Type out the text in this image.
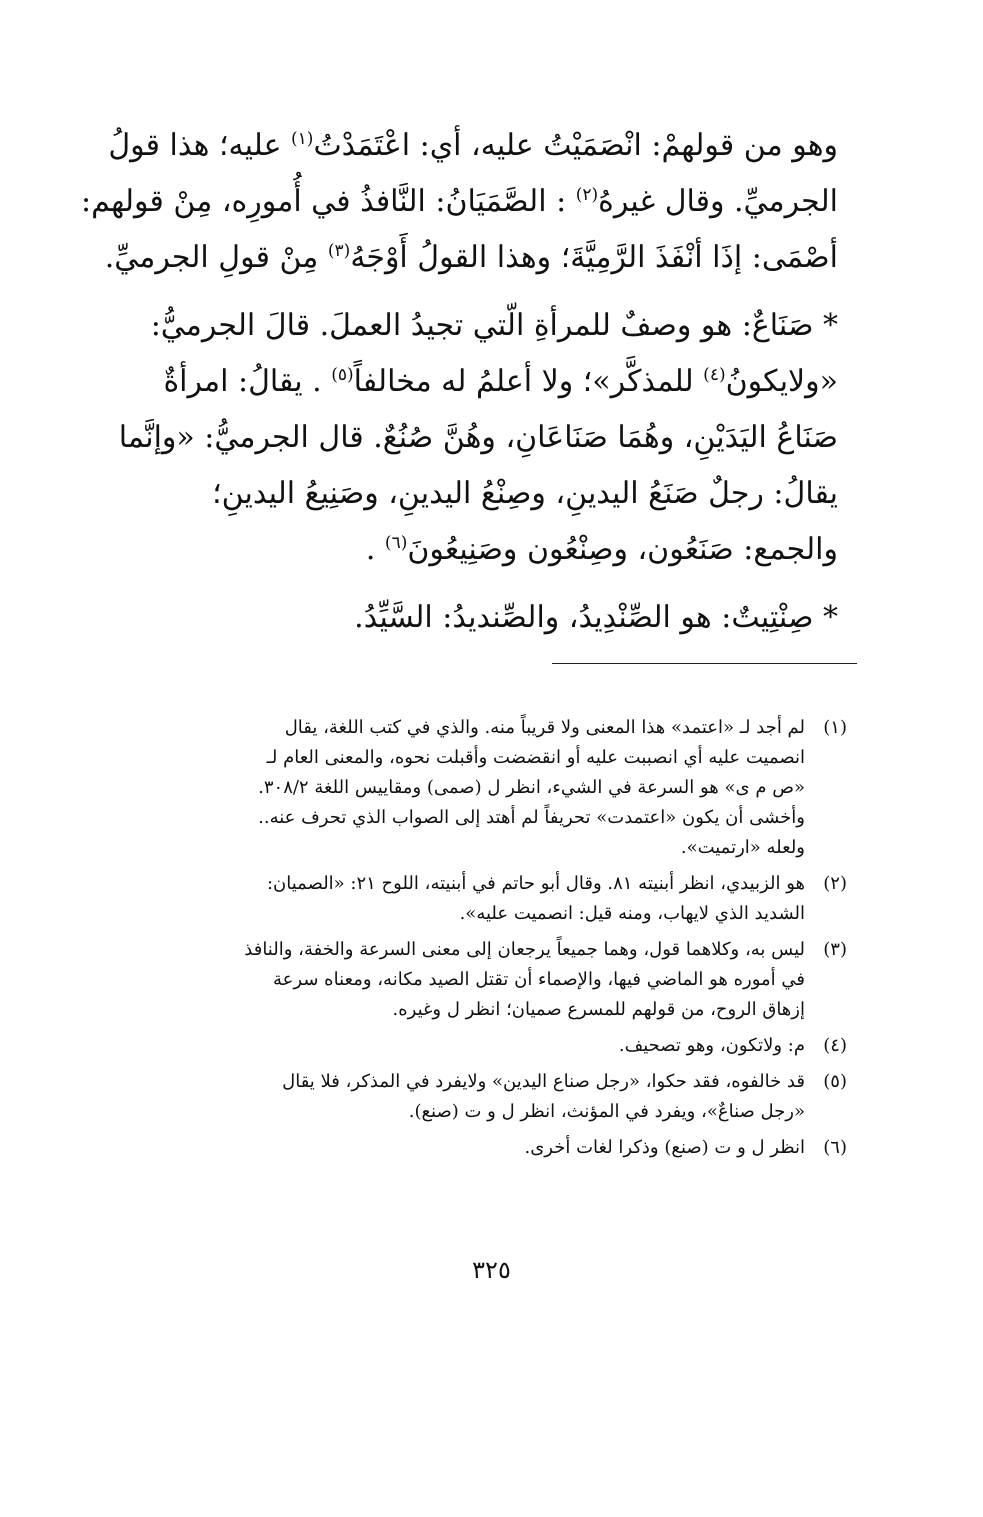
وهو من قولهمْ: انْصَمَيْتُ عليه، أي: اعْتَمَدْتُ$^{(١)}$ عليه؛ هذا قولُ
الجرميِّ. وقال غيرهُ$^{(٢)}$ : الصَّمَيَانُ: النَّافذُ في أُمورِه، مِنْ قولهم:
أصْمَى: إذَا أنْفَذَ الرَّمِيَّةَ؛ وهذا القولُ أَوْجَهُ$^{(٣)}$ مِنْ قولِ الجرميِّ.

* صَنَاعٌ: هو وصفٌ للمرأةِ الّتي تجيدُ العملَ. قالَ الجرميُّ:
«ولايكونُ$^{(٤)}$ للمذكَّر»؛ ولا أعلمُ له مخالفاً$^{(٥)}$ . يقالُ: امرأةٌ
صَنَاعُ اليَدَيْنِ، وهُمَا صَنَاعَانِ، وهُنَّ صُنُعٌ. قال الجرميُّ: «وإنَّما
يقالُ: رجلٌ صَنَعُ اليدينِ، وصِنْعُ اليدينِ، وصَنِيعُ اليدينِ؛
والجمع: صَنَعُون، وصِنْعُون وصَنِيعُونَ$^{(٦)}$ .

* صِنْتِيتٌ: هو الصِّنْدِيدُ، والصِّنديدُ: السَّيِّدُ.

(١)
لم أجد لـ «اعتمد» هذا المعنى ولا قريباً منه. والذي في كتب اللغة، يقال
انصميت عليه أي انصببت عليه أو انقضضت وأقبلت نحوه، والمعنى العام لـ
«ص م ى» هو السرعة في الشيء، انظر ل (صمى) ومقاييس اللغة ٣٠٨/٢.
وأخشى أن يكون «اعتمدت» تحريفاً لم أهتد إلى الصواب الذي تحرف عنه..
ولعله «ارتميت».
(٢)
هو الزبيدي، انظر أبنيته ٨١. وقال أبو حاتم في أبنيته، اللوح ٢١: «الصميان:
الشديد الذي لايهاب، ومنه قيل: انصميت عليه».
(٣)
ليس به، وكلاهما قول، وهما جميعاً يرجعان إلى معنى السرعة والخفة، والنافذ
في أموره هو الماضي فيها، والإصماء أن تقتل الصيد مكانه، ومعناه سرعة
إزهاق الروح، من قولهم للمسرع صميان؛ انظر ل وغيره.
(٤)
م: ولاتكون، وهو تصحيف.
(٥)
قد خالفوه، فقد حكوا، «رجل صناع اليدين» ولايفرد في المذكر، فلا يقال
«رجل صناعٌ»، ويفرد في المؤنث، انظر ل و ت (صنع).
(٦)
انظر ل و ت (صنع) وذكرا لغات أخرى.
٣٢٥
